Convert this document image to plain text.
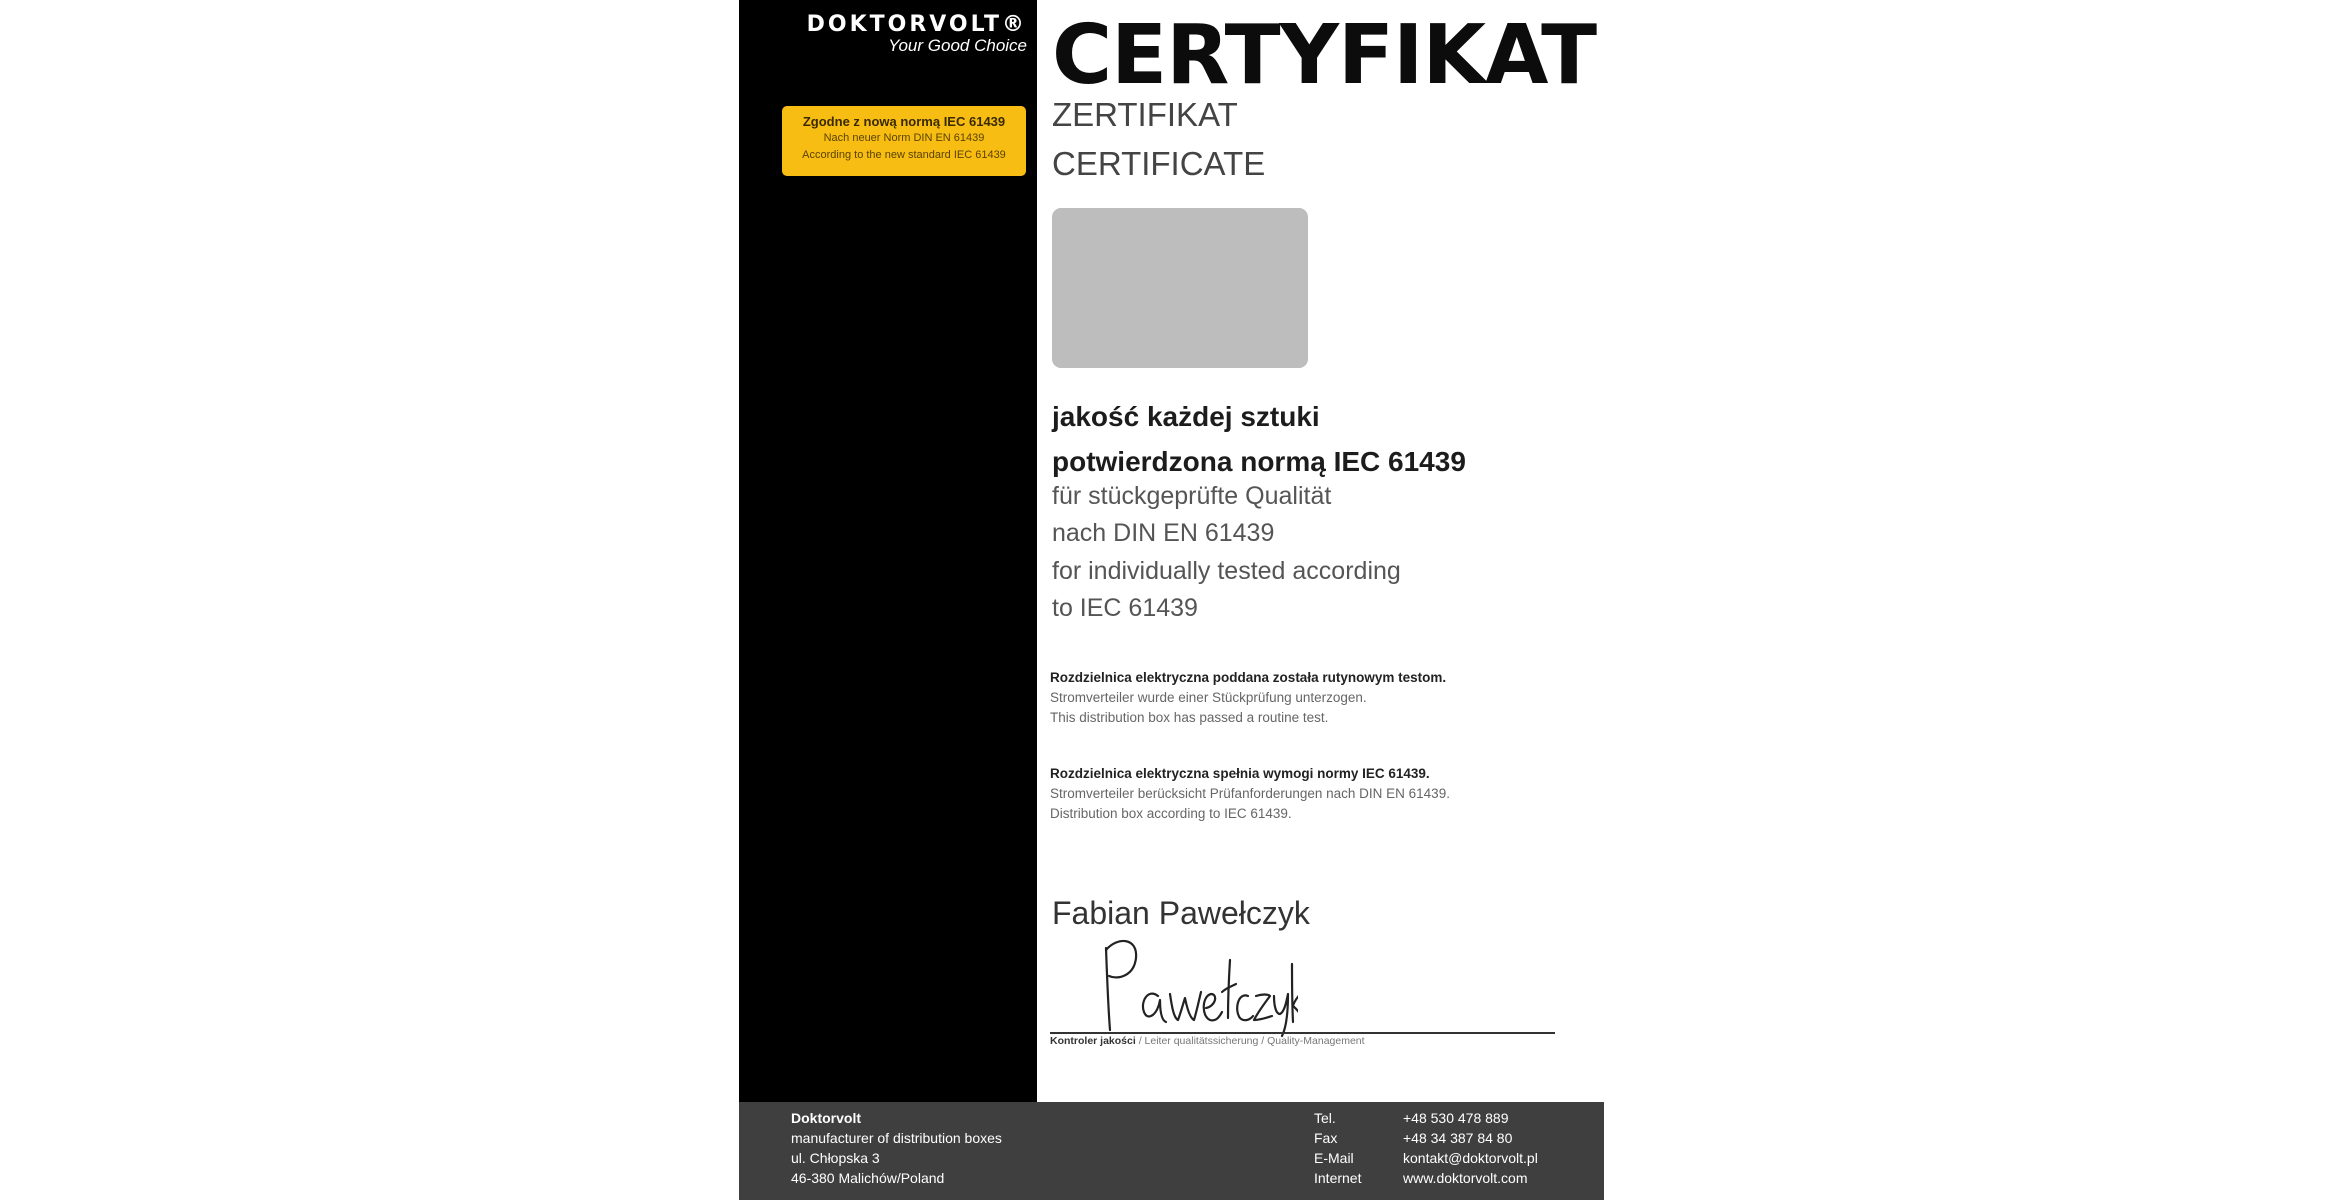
DOKTORVOLT®
Your Good Choice
Zgodne z nową normą IEC 61439
Nach neuer Norm DIN EN 61439
According to the new standard IEC 61439
CERTYFIKAT
ZERTIFIKAT
CERTIFICATE
jakość każdej sztuki
potwierdzona normą IEC 61439
für stückgeprüfte Qualität
nach DIN EN 61439
for individually tested according
to IEC 61439
Rozdzielnica elektryczna poddana została rutynowym testom.
Stromverteiler wurde einer Stückprüfung unterzogen.
This distribution box has passed a routine test.
Rozdzielnica elektryczna spełnia wymogi normy IEC 61439.
Stromverteiler berücksicht Prüfanforderungen nach DIN EN 61439.
Distribution box according to IEC 61439.
Fabian Pawełczyk
Kontroler jakości / Leiter qualitätssicherung / Quality-Management
Doktorvolt
manufacturer of distribution boxes
ul. Chłopska 3
46-380 Malichów/Poland
Tel.	+48 530 478 889
Fax	+48 34 387 84 80
E-Mail	kontakt@doktorvolt.pl
Internet	www.doktorvolt.com
